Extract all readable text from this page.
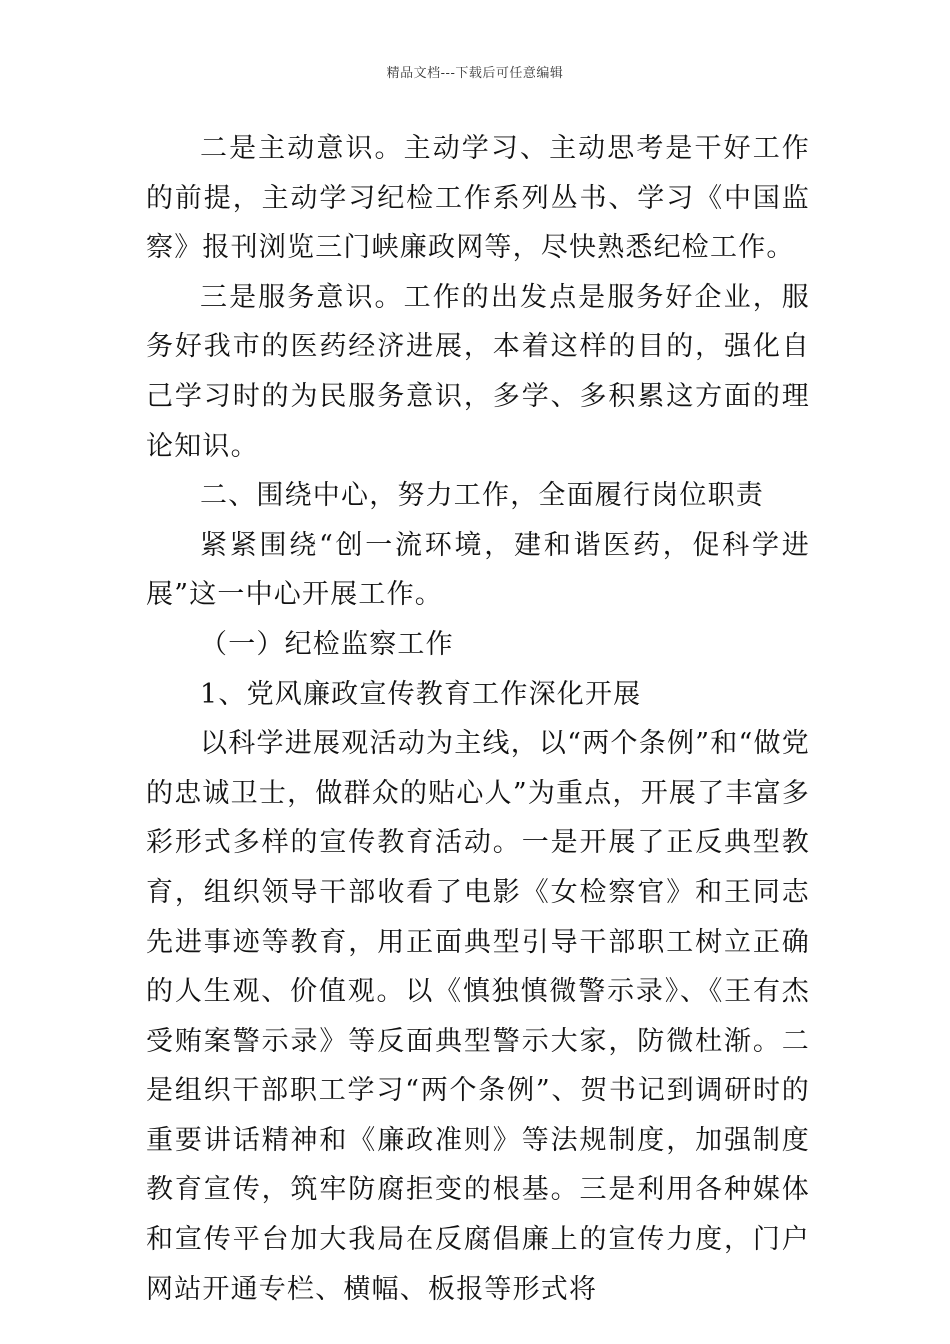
精品文档---下载后可任意编辑

二是主动意识。主动学习、主动思考是干好工作的前提，主动学习纪检工作系列丛书、学习《中国监察》报刊浏览三门峡廉政网等，尽快熟悉纪检工作。

三是服务意识。工作的出发点是服务好企业，服务好我市的医药经济进展，本着这样的目的，强化自己学习时的为民服务意识，多学、多积累这方面的理论知识。

二、围绕中心，努力工作，全面履行岗位职责

紧紧围绕“创一流环境，建和谐医药，促科学进展”这一中心开展工作。

（一）纪检监察工作

1、党风廉政宣传教育工作深化开展

以科学进展观活动为主线，以“两个条例”和“做党的忠诚卫士，做群众的贴心人”为重点，开展了丰富多彩形式多样的宣传教育活动。一是开展了正反典型教育，组织领导干部收看了电影《女检察官》和王同志先进事迹等教育，用正面典型引导干部职工树立正确的人生观、价值观。以《慎独慎微警示录》、《王有杰受贿案警示录》等反面典型警示大家，防微杜渐。二是组织干部职工学习“两个条例”、贺书记到调研时的重要讲话精神和《廉政准则》等法规制度，加强制度教育宣传，筑牢防腐拒变的根基。三是利用各种媒体和宣传平台加大我局在反腐倡廉上的宣传力度，门户网站开通专栏、横幅、板报等形式将
